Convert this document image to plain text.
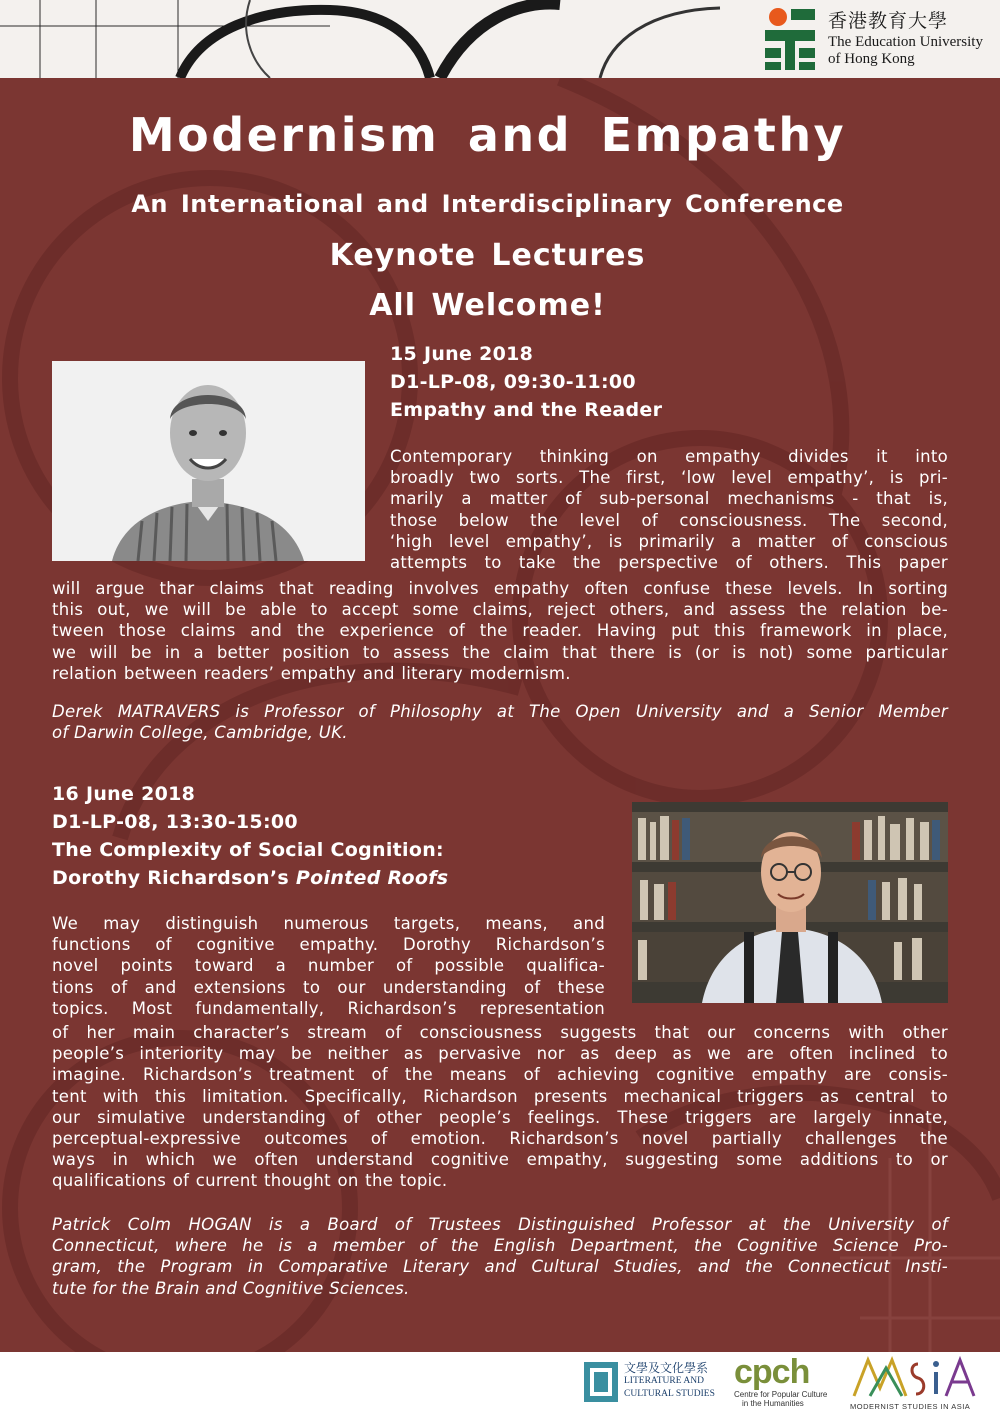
香港教育大學
The Education University
of Hong Kong
Modernism and Empathy
An International and Interdisciplinary Conference
Keynote Lectures
All Welcome!
15 June 2018
D1-LP-08, 09:30-11:00
Empathy and the Reader
Contemporary thinking on empathy divides it into
broadly two sorts. The first, ‘low level empathy’, is pri-
marily a matter of sub-personal mechanisms - that is,
those below the level of consciousness. The second,
‘high level empathy’, is primarily a matter of conscious
attempts to take the perspective of others. This paper
will argue thar claims that reading involves empathy often confuse these levels. In sorting
this out, we will be able to accept some claims, reject others, and assess the relation be-
tween those claims and the experience of the reader. Having put this framework in place,
we will be in a better position to assess the claim that there is (or is not) some particular
relation between readers’ empathy and literary modernism.
Derek MATRAVERS is Professor of Philosophy at The Open University and a Senior Member
of Darwin College, Cambridge, UK.
16 June 2018
D1-LP-08, 13:30-15:00
The Complexity of Social Cognition:
Dorothy Richardson’s Pointed Roofs
We may distinguish numerous targets, means, and
functions of cognitive empathy. Dorothy Richardson’s
novel points toward a number of possible qualifica-
tions of and extensions to our understanding of these
topics. Most fundamentally, Richardson’s representation
of her main character’s stream of consciousness suggests that our concerns with other
people’s interiority may be neither as pervasive nor as deep as we are often inclined to
imagine. Richardson’s treatment of the means of achieving cognitive empathy are consis-
tent with this limitation. Specifically, Richardson presents mechanical triggers as central to
our simulative understanding of other people’s feelings. These triggers are largely innate,
perceptual-expressive outcomes of emotion. Richardson’s novel partially challenges the
ways in which we often understand cognitive empathy, suggesting some additions to or
qualifications of current thought on the topic.
Patrick Colm HOGAN is a Board of Trustees Distinguished Professor at the University of
Connecticut, where he is a member of the English Department, the Cognitive Science Pro-
gram, the Program in Comparative Literary and Cultural Studies, and the Connecticut Insti-
tute for the Brain and Cognitive Sciences.
文學及文化學系
LITERATURE AND
CULTURAL STUDIES
cpch
Centre for Popular Culture
in the Humanities	MODERNIST STUDIES IN ASIA
